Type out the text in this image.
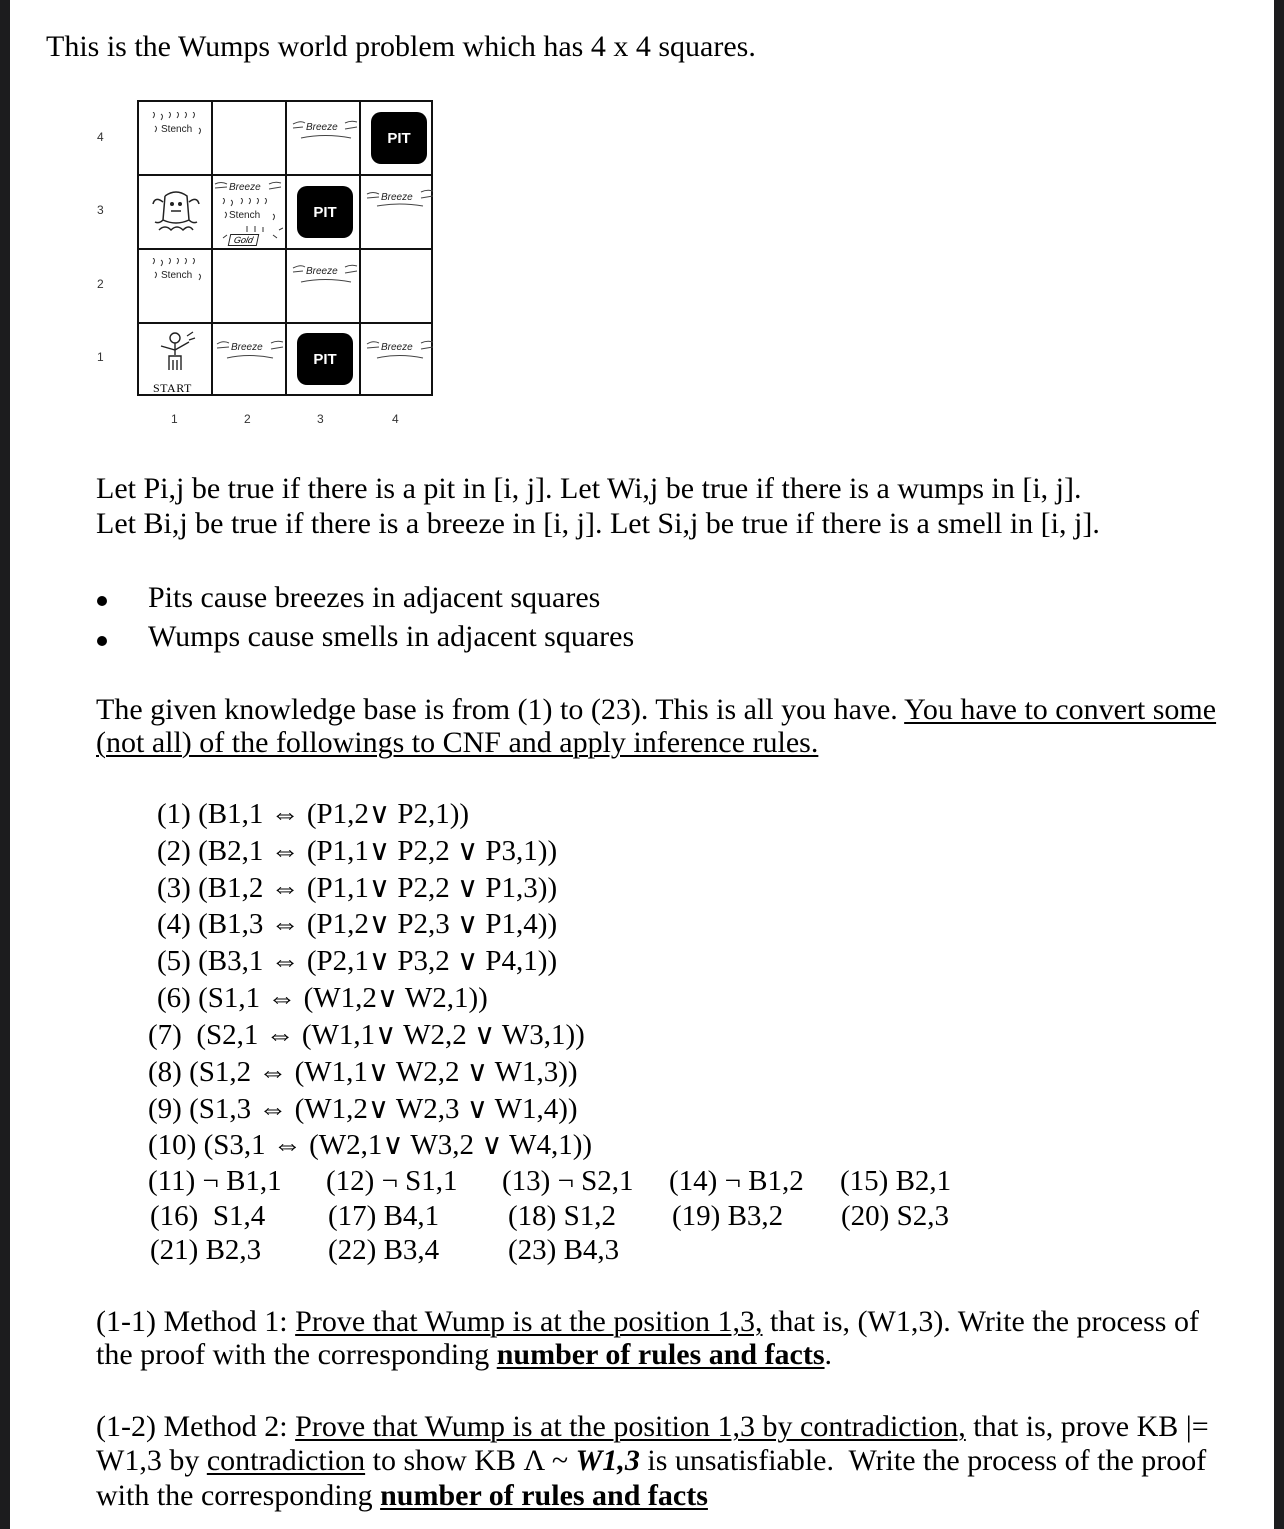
This is the Wumps world problem which has 4 x 4 squares.
4
3
2
1
1	2	3	4
PIT
PIT
PIT
Breeze
Breeze
Breeze
Breeze
Breeze	Breeze
Stench
Stench
Gold
Stench
START
Let Pi,j be true if there is a pit in [i, j]. Let Wi,j be true if there is a wumps in [i, j].
Let Bi,j be true if there is a breeze in [i, j]. Let Si,j be true if there is a smell in [i, j].
Pits cause breezes in adjacent squares
Wumps cause smells in adjacent squares
The given knowledge base is from (1) to (23). This is all you have. You have to convert some
(not all) of the followings to CNF and apply inference rules.
(1) (B1,1 ⇔ (P1,2∨ P2,1))
(2) (B2,1 ⇔ (P1,1∨ P2,2 ∨ P3,1))
(3) (B1,2 ⇔ (P1,1∨ P2,2 ∨ P1,3))
(4) (B1,3 ⇔ (P1,2∨ P2,3 ∨ P1,4))
(5) (B3,1 ⇔ (P2,1∨ P3,2 ∨ P4,1))
(6) (S1,1 ⇔ (W1,2∨ W2,1))
(7)  (S2,1 ⇔ (W1,1∨ W2,2 ∨ W3,1))
(8) (S1,2 ⇔ (W1,1∨ W2,2 ∨ W1,3))
(9) (S1,3 ⇔ (W1,2∨ W2,3 ∨ W1,4))
(10) (S3,1 ⇔ (W2,1∨ W3,2 ∨ W4,1))
(11) ¬ B1,1 (12) ¬ S1,1 (13) ¬ S2,1 (14) ¬ B1,2 (15) B2,1
(16)  S1,4 (17) B4,1 (18) S1,2 (19) B3,2 (20) S2,3
(21) B2,3 (22) B3,4 (23) B4,3
(1-1) Method 1: Prove that Wump is at the position 1,3, that is, (W1,3). Write the process of
the proof with the corresponding number of rules and facts.
(1-2) Method 2: Prove that Wump is at the position 1,3 by contradiction, that is, prove KB |=
W1,3 by contradiction to show KB Λ ~ W1,3 is unsatisfiable.  Write the process of the proof
with the corresponding number of rules and facts
